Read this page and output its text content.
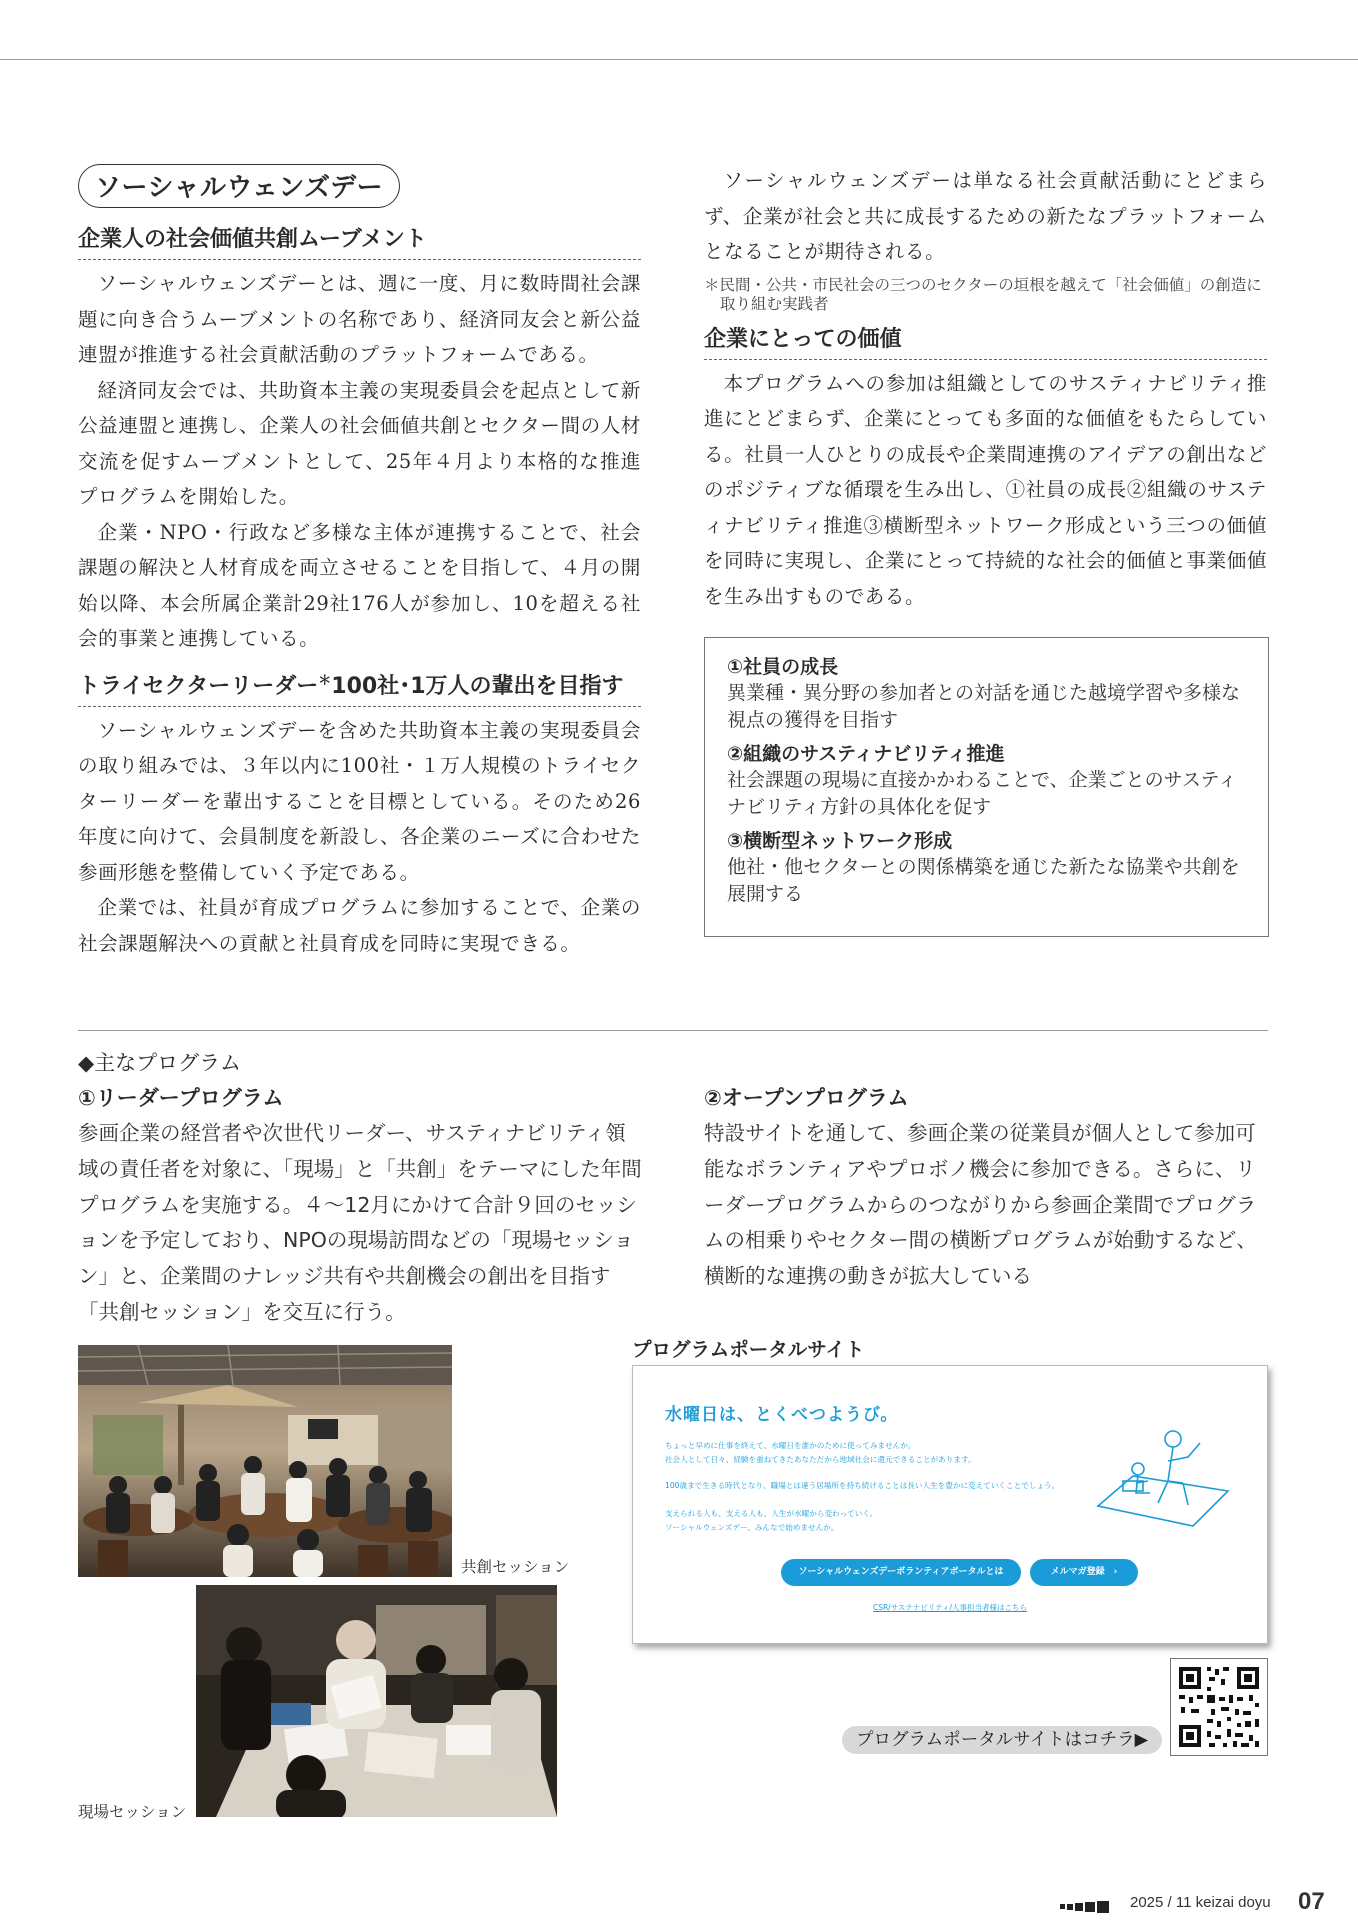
ソーシャルウェンズデー
企業人の社会価値共創ムーブメント

ソーシャルウェンズデーとは、週に一度、月に数時間社会課題に向き合うムーブメントの名称であり、経済同友会と新公益連盟が推進する社会貢献活動のプラットフォームである。

経済同友会では、共助資本主義の実現委員会を起点として新公益連盟と連携し、企業人の社会価値共創とセクター間の人材交流を促すムーブメントとして、25年４月より本格的な推進プログラムを開始した。

企業・NPO・行政など多様な主体が連携することで、社会課題の解決と人材育成を両立させることを目指して、４月の開始以降、本会所属企業計29社176人が参加し、10を超える社会的事業と連携している。

トライセクターリーダー＊100社･1万人の輩出を目指す

ソーシャルウェンズデーを含めた共助資本主義の実現委員会の取り組みでは、３年以内に100社・１万人規模のトライセクターリーダーを輩出することを目標としている。そのため26年度に向けて、会員制度を新設し、各企業のニーズに合わせた参画形態を整備していく予定である。

企業では、社員が育成プログラムに参加することで、企業の社会課題解決への貢献と社員育成を同時に実現できる。

ソーシャルウェンズデーは単なる社会貢献活動にとどまらず、企業が社会と共に成長するための新たなプラットフォームとなることが期待される。

＊民間・公共・市民社会の三つのセクターの垣根を越えて「社会価値」の創造に取り組む実践者
企業にとっての価値

本プログラムへの参加は組織としてのサスティナビリティ推進にとどまらず、企業にとっても多面的な価値をもたらしている。社員一人ひとりの成長や企業間連携のアイデアの創出などのポジティブな循環を生み出し、①社員の成長②組織のサスティナビリティ推進③横断型ネットワーク形成という三つの価値を同時に実現し、企業にとって持続的な社会的価値と事業価値を生み出すものである。

①社員の成長
異業種・異分野の参加者との対話を通じた越境学習や多様な視点の獲得を目指す
②組織のサスティナビリティ推進
社会課題の現場に直接かかわることで、企業ごとのサスティナビリティ方針の具体化を促す
③横断型ネットワーク形成
他社・他セクターとの関係構築を通じた新たな協業や共創を展開する
◆主なプログラム
①リーダープログラム
参画企業の経営者や次世代リーダー、サスティナビリティ領域の責任者を対象に、「現場」と「共創」をテーマにした年間プログラムを実施する。４～12月にかけて合計９回のセッションを予定しており、NPOの現場訪問などの「現場セッション」と、企業間のナレッジ共有や共創機会の創出を目指す「共創セッション」を交互に行う。
②オープンプログラム
特設サイトを通して、参画企業の従業員が個人として参加可能なボランティアやプロボノ機会に参加できる。さらに、リーダープログラムからのつながりから参画企業間でプログラムの相乗りやセクター間の横断プログラムが始動するなど、横断的な連携の動きが拡大している
共創セッション
現場セッション
プログラムポータルサイト
水曜日は、とくべつようび。
ちょっと早めに仕事を終えて、水曜日を誰かのために使ってみませんか。
社会人として日々、経験を重ねてきたあなただから地域社会に還元できることがあります。
100歳まで生きる時代となり、職場とは違う居場所を持ち続けることは長い人生を豊かに変えていくことでしょう。
支えられる人も、支える人も、人生が水曜から変わっていく。
ソーシャルウェンズデー、みんなで始めませんか。
ソーシャルウェンズデーボランティアポータルとは	メルマガ登録　›
CSR/サステナビリティ/人事担当者様はこちら
プログラムポータルサイトはコチラ▶
2025 / 11 keizai doyu 07
